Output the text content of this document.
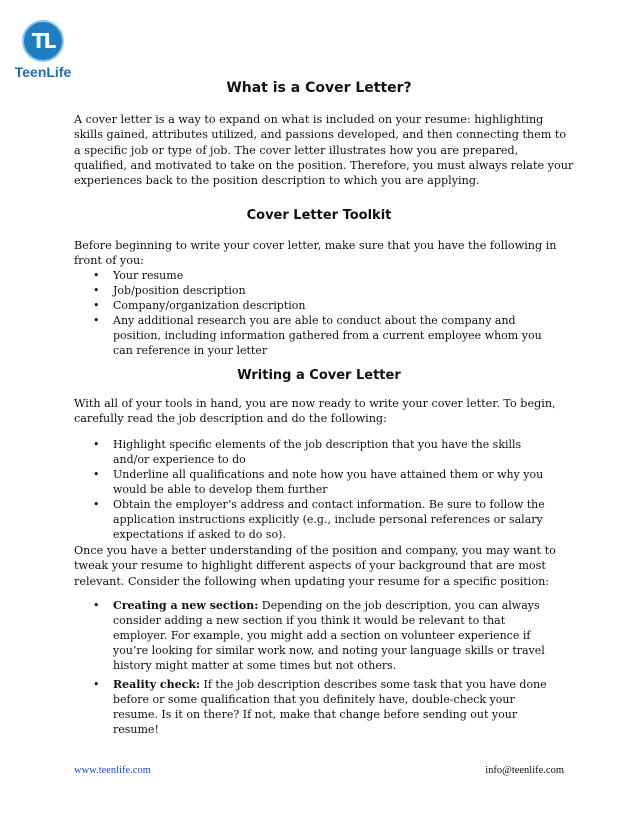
TL
TeenLife
What is a Cover Letter?

A cover letter is a way to expand on what is included on your resume: highlighting skills gained, attributes utilized, and passions developed, and then connecting them to a specific job or type of job. The cover letter illustrates how you are prepared, qualified, and motivated to take on the position. Therefore, you must always relate your experiences back to the position description to which you are applying.

Cover Letter Toolkit

Before beginning to write your cover letter, make sure that you have the following in front of you:

• Your resume
• Job/position description
• Company/organization description
• Any additional research you are able to conduct about the company and position, including information gathered from a current employee whom you can reference in your letter
Writing a Cover Letter

With all of your tools in hand, you are now ready to write your cover letter. To begin, carefully read the job description and do the following:

• Highlight specific elements of the job description that you have the skills and/or experience to do
• Underline all qualifications and note how you have attained them or why you would be able to develop them further
• Obtain the employer’s address and contact information. Be sure to follow the application instructions explicitly (e.g., include personal references or salary expectations if asked to do so).

Once you have a better understanding of the position and company, you may want to tweak your resume to highlight different aspects of your background that are most relevant. Consider the following when updating your resume for a specific position:

• Creating a new section: Depending on the job description, you can always consider adding a new section if you think it would be relevant to that employer. For example, you might add a section on volunteer experience if you’re looking for similar work now, and noting your language skills or travel history might matter at some times but not others.
• Reality check: If the job description describes some task that you have done before or some qualification that you definitely have, double-check your resume. Is it on there? If not, make that change before sending out your resume!
www.teenlife.com	info@teenlife.com
